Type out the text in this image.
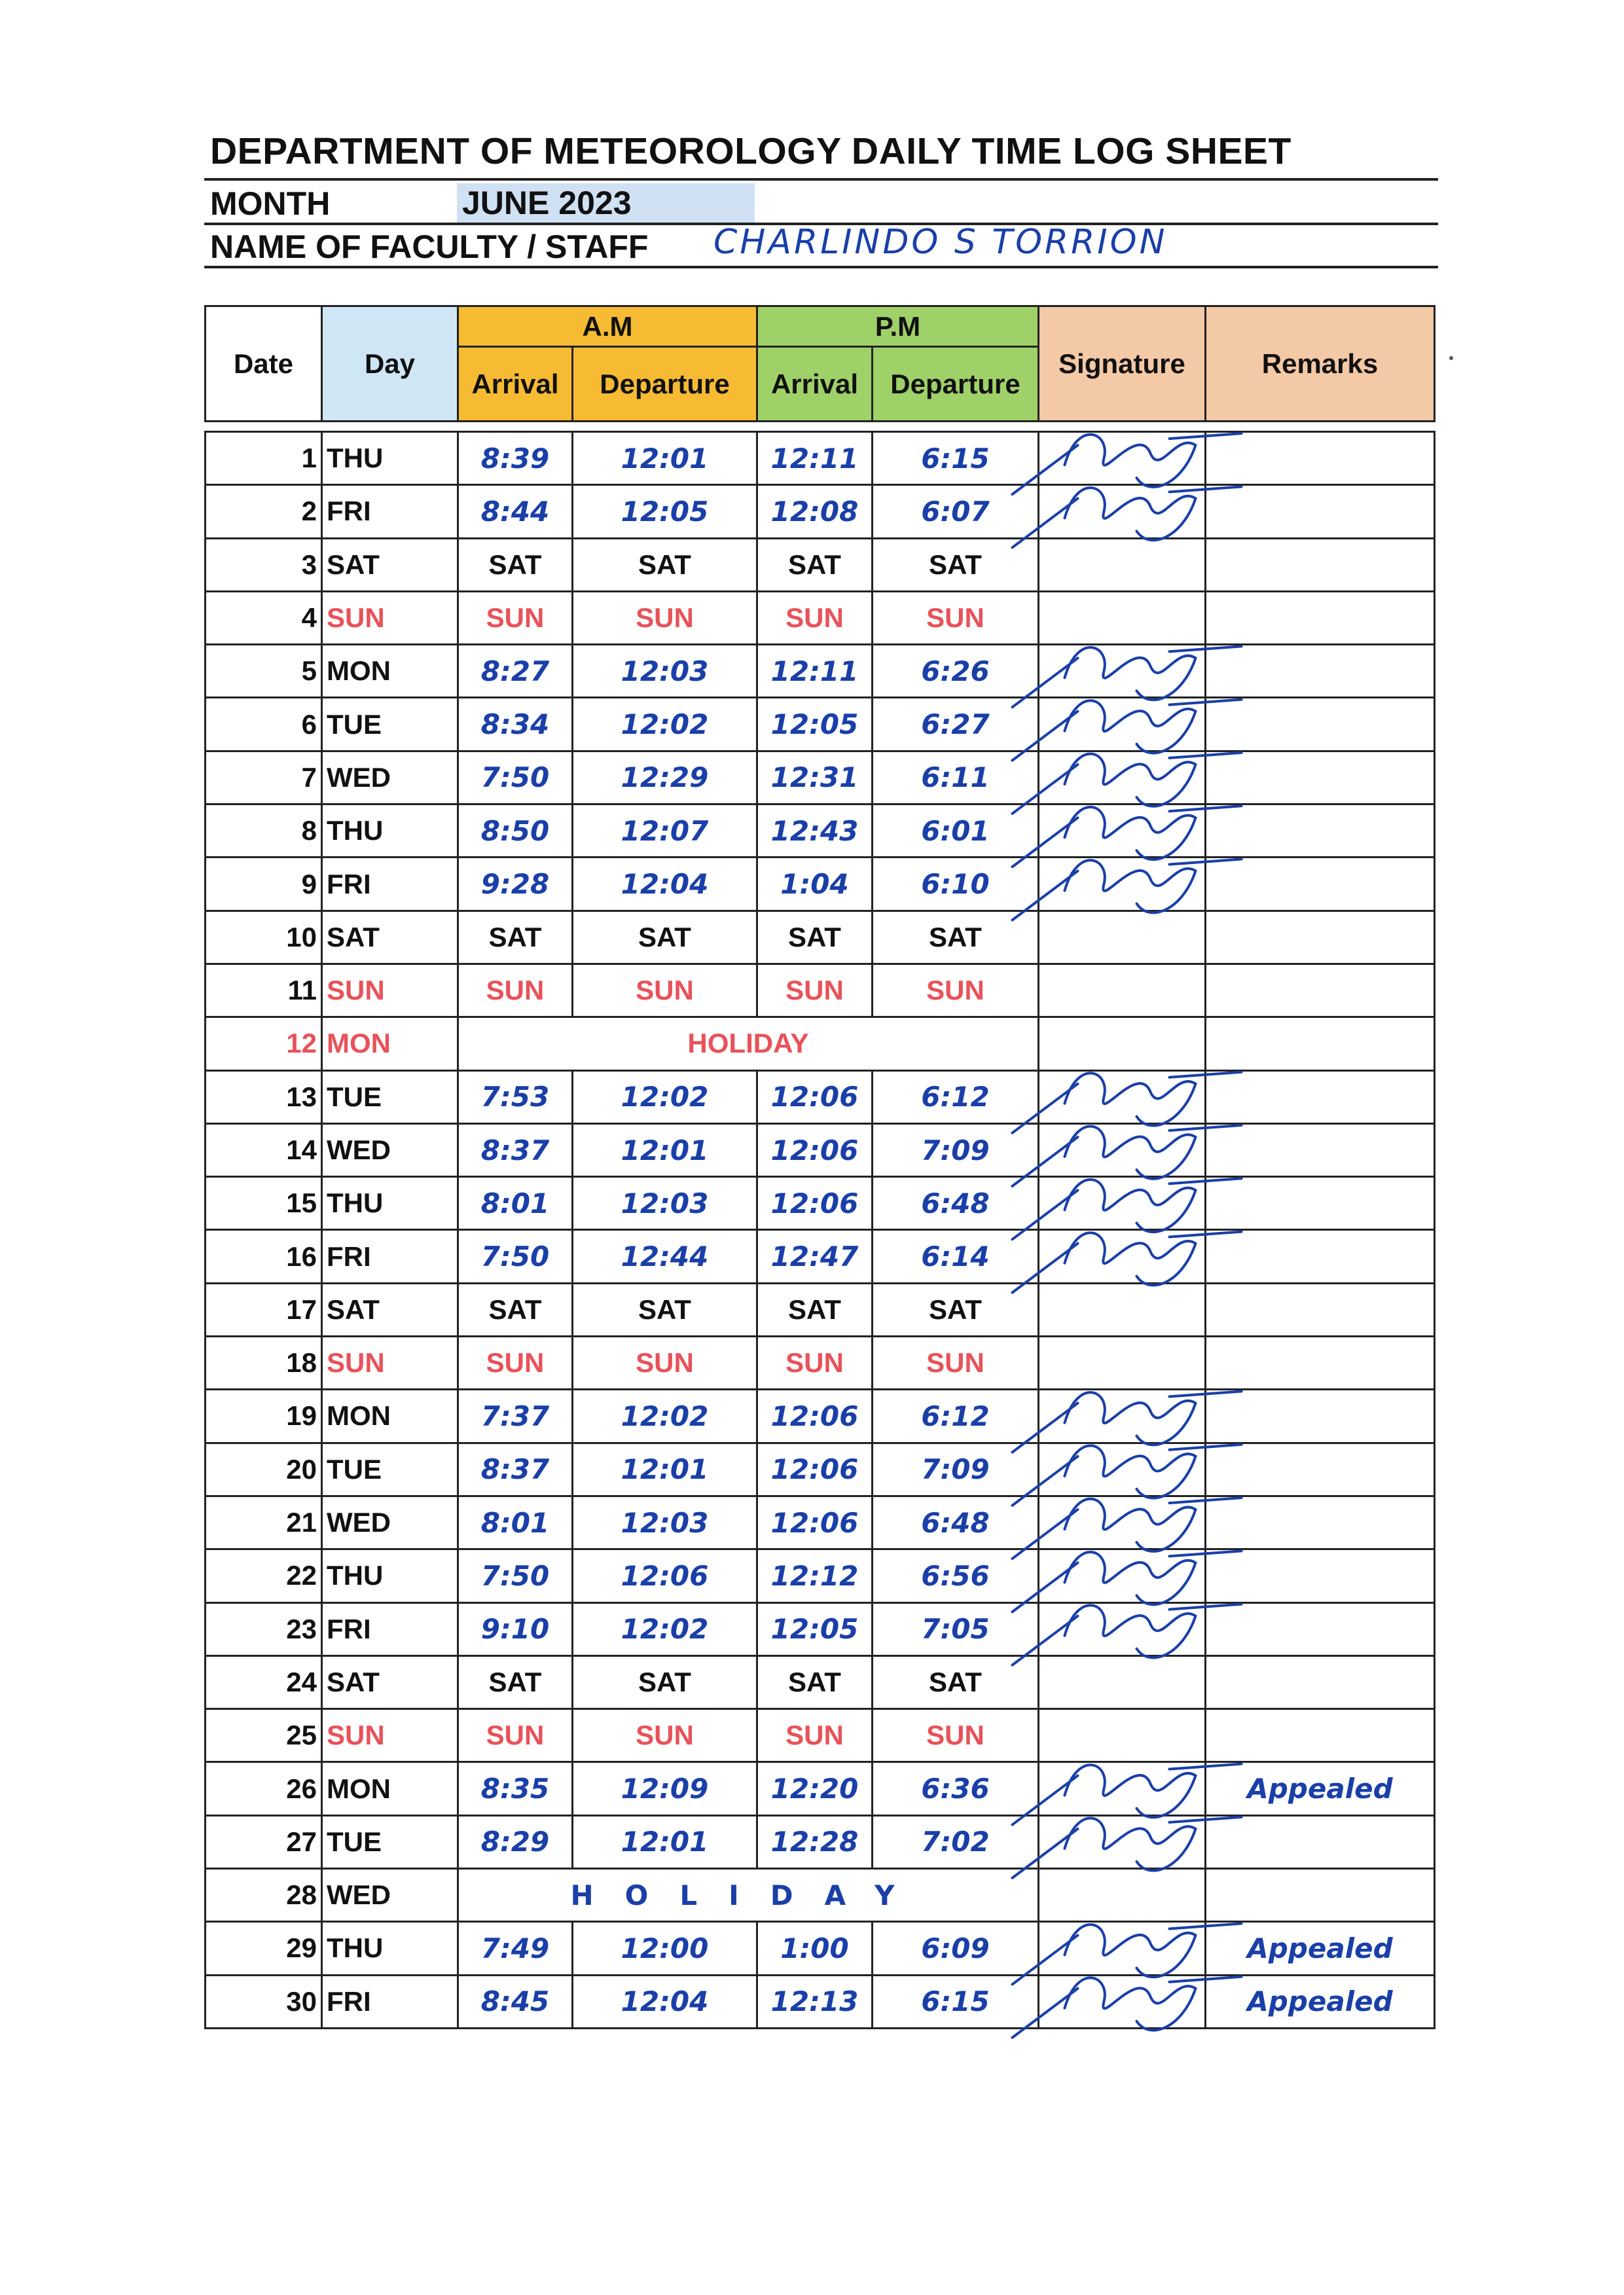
DEPARTMENT OF METEOROLOGY DAILY TIME LOG SHEET
MONTH	JUNE 2023
NAME OF FACULTY / STAFF CHARLINDO S TORRION
Date	Day	A.M		P.M		Signature	Remarks
		Arrival	Departure	Arrival	Departure		

1	THU	8:39	12:01	12:11	6:15		
2	FRI	8:44	12:05	12:08	6:07		
3	SAT	SAT	SAT	SAT	SAT		
4	SUN	SUN	SUN	SUN	SUN		
5	MON	8:27	12:03	12:11	6:26		
6	TUE	8:34	12:02	12:05	6:27		
7	WED	7:50	12:29	12:31	6:11		
8	THU	8:50	12:07	12:43	6:01		
9	FRI	9:28	12:04	1:04	6:10		
10	SAT	SAT	SAT	SAT	SAT		
11	SUN	SUN	SUN	SUN	SUN		
12	MON	HOLIDAY					
13	TUE	7:53	12:02	12:06	6:12		
14	WED	8:37	12:01	12:06	7:09		
15	THU	8:01	12:03	12:06	6:48		
16	FRI	7:50	12:44	12:47	6:14		
17	SAT	SAT	SAT	SAT	SAT		
18	SUN	SUN	SUN	SUN	SUN		
19	MON	7:37	12:02	12:06	6:12		
20	TUE	8:37	12:01	12:06	7:09		
21	WED	8:01	12:03	12:06	6:48		
22	THU	7:50	12:06	12:12	6:56		
23	FRI	9:10	12:02	12:05	7:05		
24	SAT	SAT	SAT	SAT	SAT		
25	SUN	SUN	SUN	SUN	SUN		
26	MON	8:35	12:09	12:20	6:36		Appealed
27	TUE	8:29	12:01	12:28	7:02		
28	WED	HOLIDAY					
29	THU	7:49	12:00	1:00	6:09		Appealed
30	FRI	8:45	12:04	12:13	6:15		Appealed
